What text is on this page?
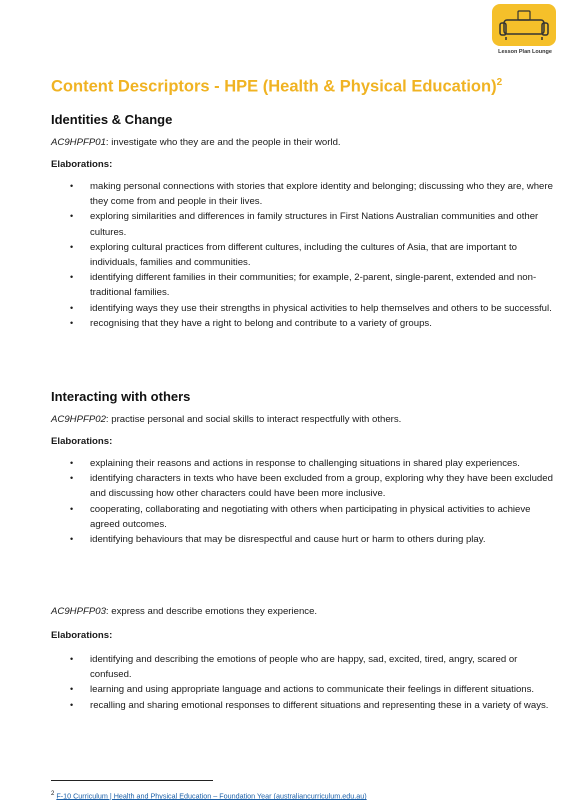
Lesson Plan Lounge
Content Descriptors - HPE (Health & Physical Education)$^2$
Identities & Change

AC9HPFP01: investigate who they are and the people in their world.

Elaborations:

• making personal connections with stories that explore identity and belonging; discussing who they are, where they come from and people in their lives.
• exploring similarities and differences in family structures in First Nations Australian communities and other cultures.
• exploring cultural practices from different cultures, including the cultures of Asia, that are important to individuals, families and communities.
• identifying different families in their communities; for example, 2-parent, single-parent, extended and non-traditional families.
• identifying ways they use their strengths in physical activities to help themselves and others to be successful.
• recognising that they have a right to belong and contribute to a variety of groups.
Interacting with others

AC9HPFP02: practise personal and social skills to interact respectfully with others.

Elaborations:

• explaining their reasons and actions in response to challenging situations in shared play experiences.
• identifying characters in texts who have been excluded from a group, exploring why they have been excluded and discussing how other characters could have been more inclusive.
• cooperating, collaborating and negotiating with others when participating in physical activities to achieve agreed outcomes.
• identifying behaviours that may be disrespectful and cause hurt or harm to others during play.

AC9HPFP03: express and describe emotions they experience.

Elaborations:

• identifying and describing the emotions of people who are happy, sad, excited, tired, angry, scared or confused.
• learning and using appropriate language and actions to communicate their feelings in different situations.
• recalling and sharing emotional responses to different situations and representing these in a variety of ways.
$^2$ F-10 Curriculum | Health and Physical Education – Foundation Year (australiancurriculum.edu.au)
